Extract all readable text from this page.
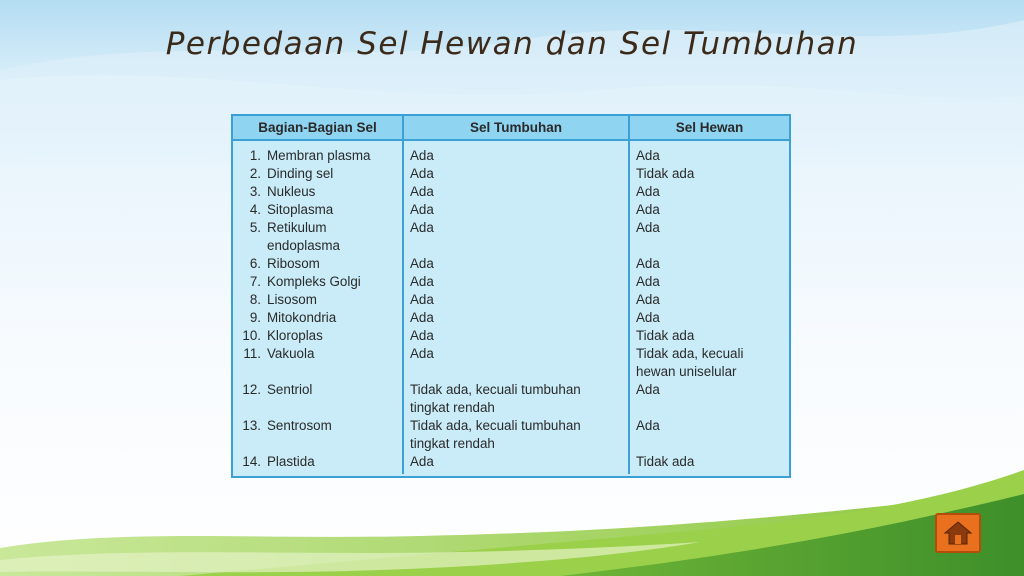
Perbedaan Sel Hewan dan Sel Tumbuhan
Bagian-Bagian Sel	Sel Tumbuhan	Sel Hewan
1. Membran plasma	Ada	Ada
2. Dinding sel	Ada	Tidak ada
3. Nukleus	Ada	Ada
4. Sitoplasma	Ada	Ada
5. Retikulum endoplasma	Ada	Ada
6. Ribosom	Ada	Ada
7. Kompleks Golgi	Ada	Ada
8. Lisosom	Ada	Ada
9. Mitokondria	Ada	Ada
10. Kloroplas	Ada	Tidak ada
11. Vakuola	Ada	Tidak ada, kecuali hewan uniselular
12. Sentriol	Tidak ada, kecuali tumbuhan tingkat rendah	Ada
13. Sentrosom	Tidak ada, kecuali tumbuhan tingkat rendah	Ada
14. Plastida	Ada	Tidak ada
